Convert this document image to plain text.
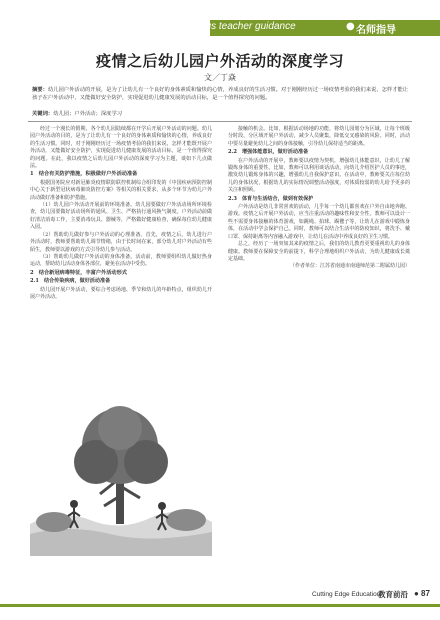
Famous teacher guidance	● 名师指导
疫情之后幼儿园户外活动的深度学习
文／丁焱
摘要：幼儿园户外活动的开展，是为了让幼儿有一个良好的身体素质和愉快的心情，养成良好的生活习惯。对于刚刚经历过一场疫情考验的我们来说，怎样才能让孩子在户外活动中，又能做好安全防护，实现促进幼儿健康发展的活动目标，是一个值得探究的问题。
关键词：幼儿园；户外活动；深度学习

经过一个漫长的假期，各个幼儿园陆续都在开学后开展户外活动的问题。幼儿园户外活动的目的，是为了让幼儿有一个良好的身体素质和愉快的心情，养成良好的生活习惯。同时，对于刚刚经历过一场疫情考验的我们来说，怎样才能既开展户外活动，又能做好安全防护，实现促进幼儿健康发展的活动目标，是一个值得探究的问题。在此，我以疫情之后幼儿园户外活动的深度学习为主题，谈如下几点做法。

1　结合有关防护措施，积极做好户外活动准备

根据国务院应对新冠肺炎疫情联防联控机制综合组印发的《中国疾病预防控制中心关于新型冠状病毒肺炎防控方案》等相关的相关要求，从多个环节为幼儿户外活动做好准备和防护措施。

（1）幼儿园户外活动开展前的环境准备。幼儿园要做好户外活动场所环境检查，幼儿园要做好活动场所的通风、卫生、严格执行通风换气制度。户外活动前做好清洁消毒工作，主要消毒玩具、器械等，严格做好健康检查，确保每位幼儿健康入园。

（2）帮助幼儿做好参与户外活动的心理准备。首先，疫情之后，幼儿进行户外活动时，教师要帮助幼儿调节情绪，由于长时间在家，部分幼儿对户外活动有些陌生，教师要以游戏的方式引导幼儿参与活动。

（3）帮助幼儿做好户外活动的身体准备。活动前，教师要组织幼儿做好热身运动，帮助幼儿活动身体各部位，避免在活动中受伤。

2　结合新冠病毒特征，丰富户外活动形式
2.1　结合传染疾病，做好活动准备

幼儿园开展户外活动，要综合考虑场地、季节和幼儿的年龄特点，组织幼儿开展户外活动。

接触的机会。比如，根据活动场地的功能，将幼儿园划分为区域，让每个班级分时段、分区域开展户外活动，减少人员聚集，降低交叉感染的风险。同时，活动中要尽量避免幼儿之间的身体接触，引导幼儿保持适当的距离。

2.2　增强体能意识，做好活动准备

在户外活动的开展中，教师要以疫情为契机，增强幼儿体能意识，让幼儿了解锻炼身体的重要性。比如，教师可以利用谈话活动，向幼儿介绍医护人员的事迹，激发幼儿锻炼身体的兴趣，增强幼儿自我保护意识。在活动中，教师要关注每位幼儿的身体状况，根据幼儿的实际情况调整活动强度，对体质较弱的幼儿给予更多的关注和照顾。

2.3　体育与生活结合，做到有效保护

户外活动是幼儿非常喜欢的活动，几乎每一个幼儿都喜欢在户外自由地奔跑、游戏。疫情之后开展户外活动，应当注重活动的趣味性和安全性。教师可以设计一些不需要身体接触的体育游戏，如跳绳、拍球、踢毽子等，让幼儿在游戏中锻炼身体，在活动中学会保护自己。同时，教师可以结合生活中的防疫知识，将洗手、戴口罩、保持距离等内容融入游戏中，让幼儿在活动中养成良好的卫生习惯。

总之，经历了一场突如其来的疫情之后，我们的幼儿教育更要重视幼儿的身体健康。教师要在保障安全的前提下，科学合理地组织户外活动，为幼儿健康成长奠定基础。

（作者单位：江苏省南通市南通师范第二附属幼儿园）

Cutting Edge Education
教育前沿 ● 87
